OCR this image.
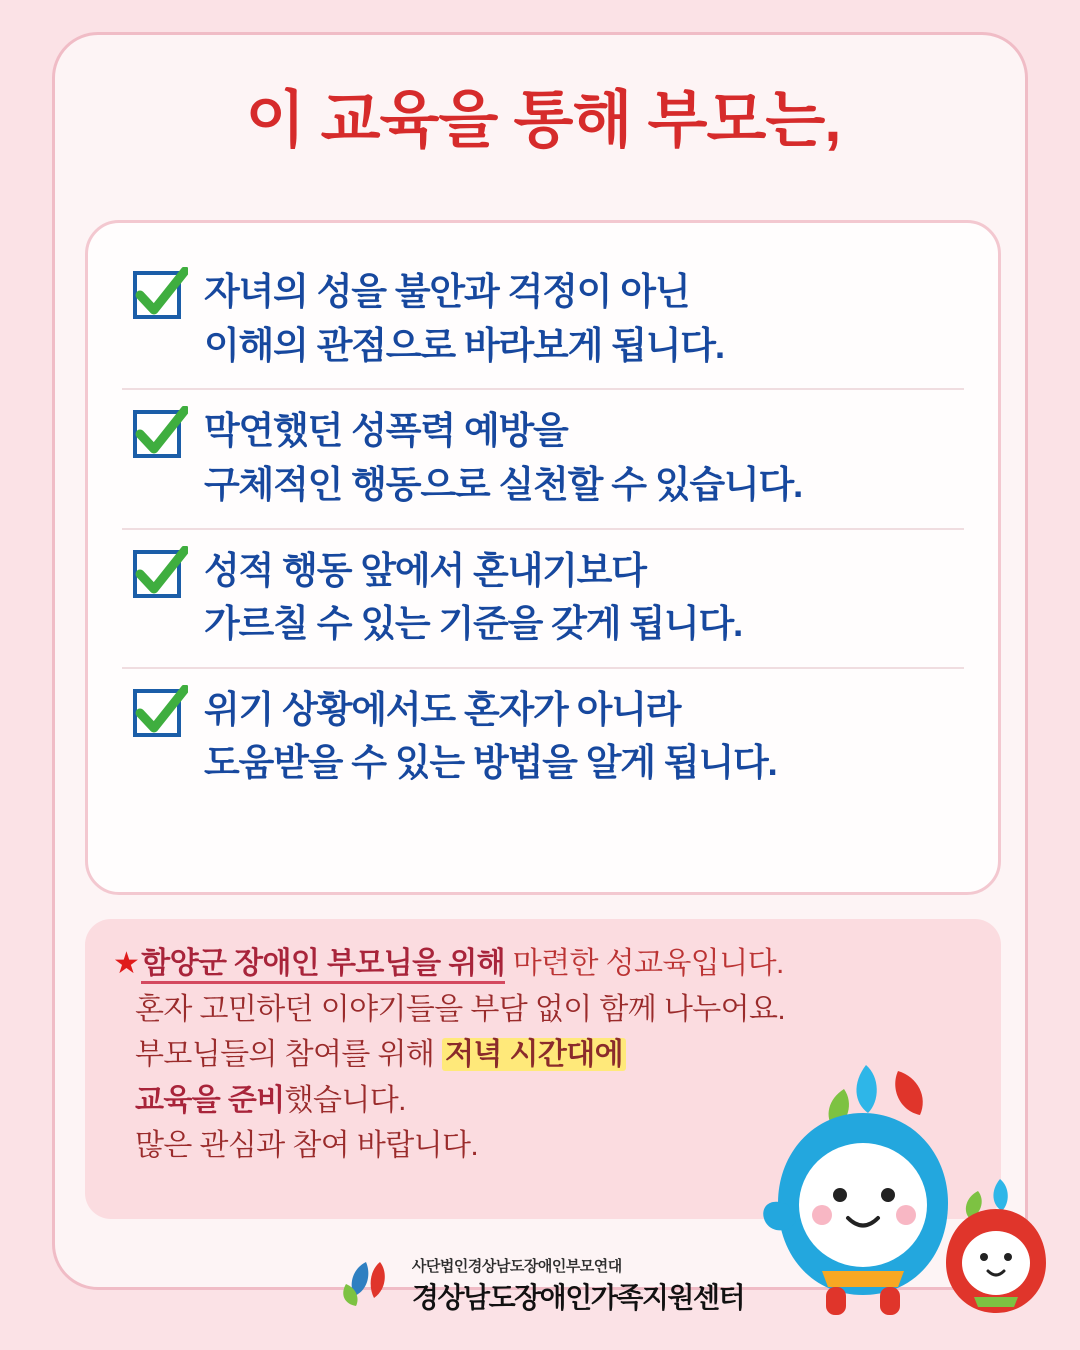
이 교육을 통해 부모는,
자녀의 성을 불안과 걱정이 아닌
이해의 관점으로 바라보게 됩니다.
막연했던 성폭력 예방을
구체적인 행동으로 실천할 수 있습니다.
성적 행동 앞에서 혼내기보다
가르칠 수 있는 기준을 갖게 됩니다.
위기 상황에서도 혼자가 아니라
도움받을 수 있는 방법을 알게 됩니다.
★함양군 장애인 부모님을 위해 마련한 성교육입니다.
혼자 고민하던 이야기들을 부담 없이 함께 나누어요.
부모님들의 참여를 위해 저녁 시간대에
교육을 준비했습니다.
많은 관심과 참여 바랍니다.
사단법인경상남도장애인부모연대
경상남도장애인가족지원센터
